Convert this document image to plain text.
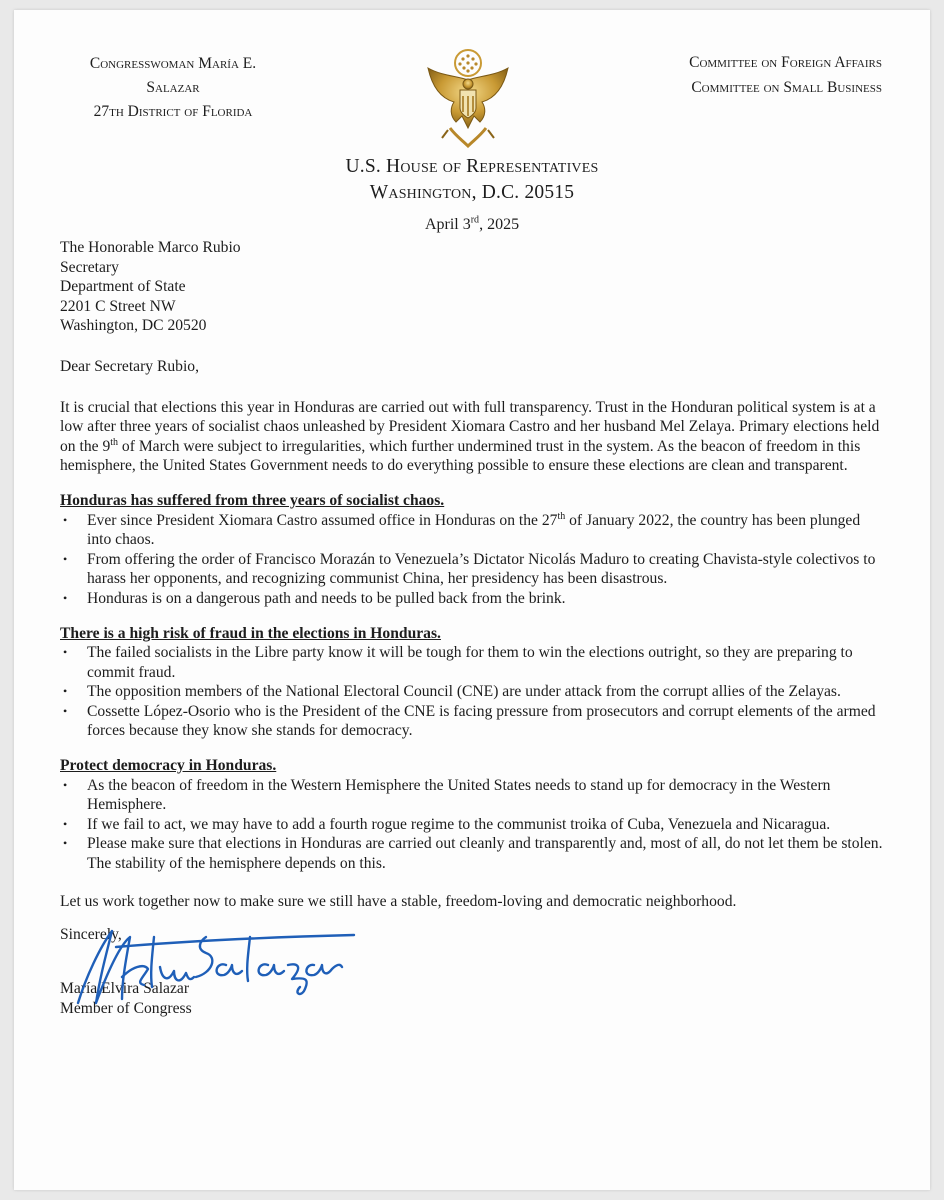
Congresswoman María E. Salazar
27th District of Florida
Committee on Foreign Affairs
Committee on Small Business
U.S. House of Representatives
Washington, D.C. 20515
April 3rd, 2025
The Honorable Marco Rubio
Secretary
Department of State
2201 C Street NW
Washington, DC 20520
Dear Secretary Rubio,
It is crucial that elections this year in Honduras are carried out with full transparency. Trust in the Honduran political system is at a low after three years of socialist chaos unleashed by President Xiomara Castro and her husband Mel Zelaya. Primary elections held on the 9th of March were subject to irregularities, which further undermined trust in the system. As the beacon of freedom in this hemisphere, the United States Government needs to do everything possible to ensure these elections are clean and transparent.
Honduras has suffered from three years of socialist chaos.
• Ever since President Xiomara Castro assumed office in Honduras on the 27th of January 2022, the country has been plunged into chaos.
• From offering the order of Francisco Morazán to Venezuela’s Dictator Nicolás Maduro to creating Chavista-style colectivos to harass her opponents, and recognizing communist China, her presidency has been disastrous.
• Honduras is on a dangerous path and needs to be pulled back from the brink.
There is a high risk of fraud in the elections in Honduras.
• The failed socialists in the Libre party know it will be tough for them to win the elections outright, so they are preparing to commit fraud.
• The opposition members of the National Electoral Council (CNE) are under attack from the corrupt allies of the Zelayas.
• Cossette López-Osorio who is the President of the CNE is facing pressure from prosecutors and corrupt elements of the armed forces because they know she stands for democracy.
Protect democracy in Honduras.
• As the beacon of freedom in the Western Hemisphere the United States needs to stand up for democracy in the Western Hemisphere.
• If we fail to act, we may have to add a fourth rogue regime to the communist troika of Cuba, Venezuela and Nicaragua.
• Please make sure that elections in Honduras are carried out cleanly and transparently and, most of all, do not let them be stolen. The stability of the hemisphere depends on this.
Let us work together now to make sure we still have a stable, freedom-loving and democratic neighborhood.
Sincerely,
María Elvira Salazar
Member of Congress
